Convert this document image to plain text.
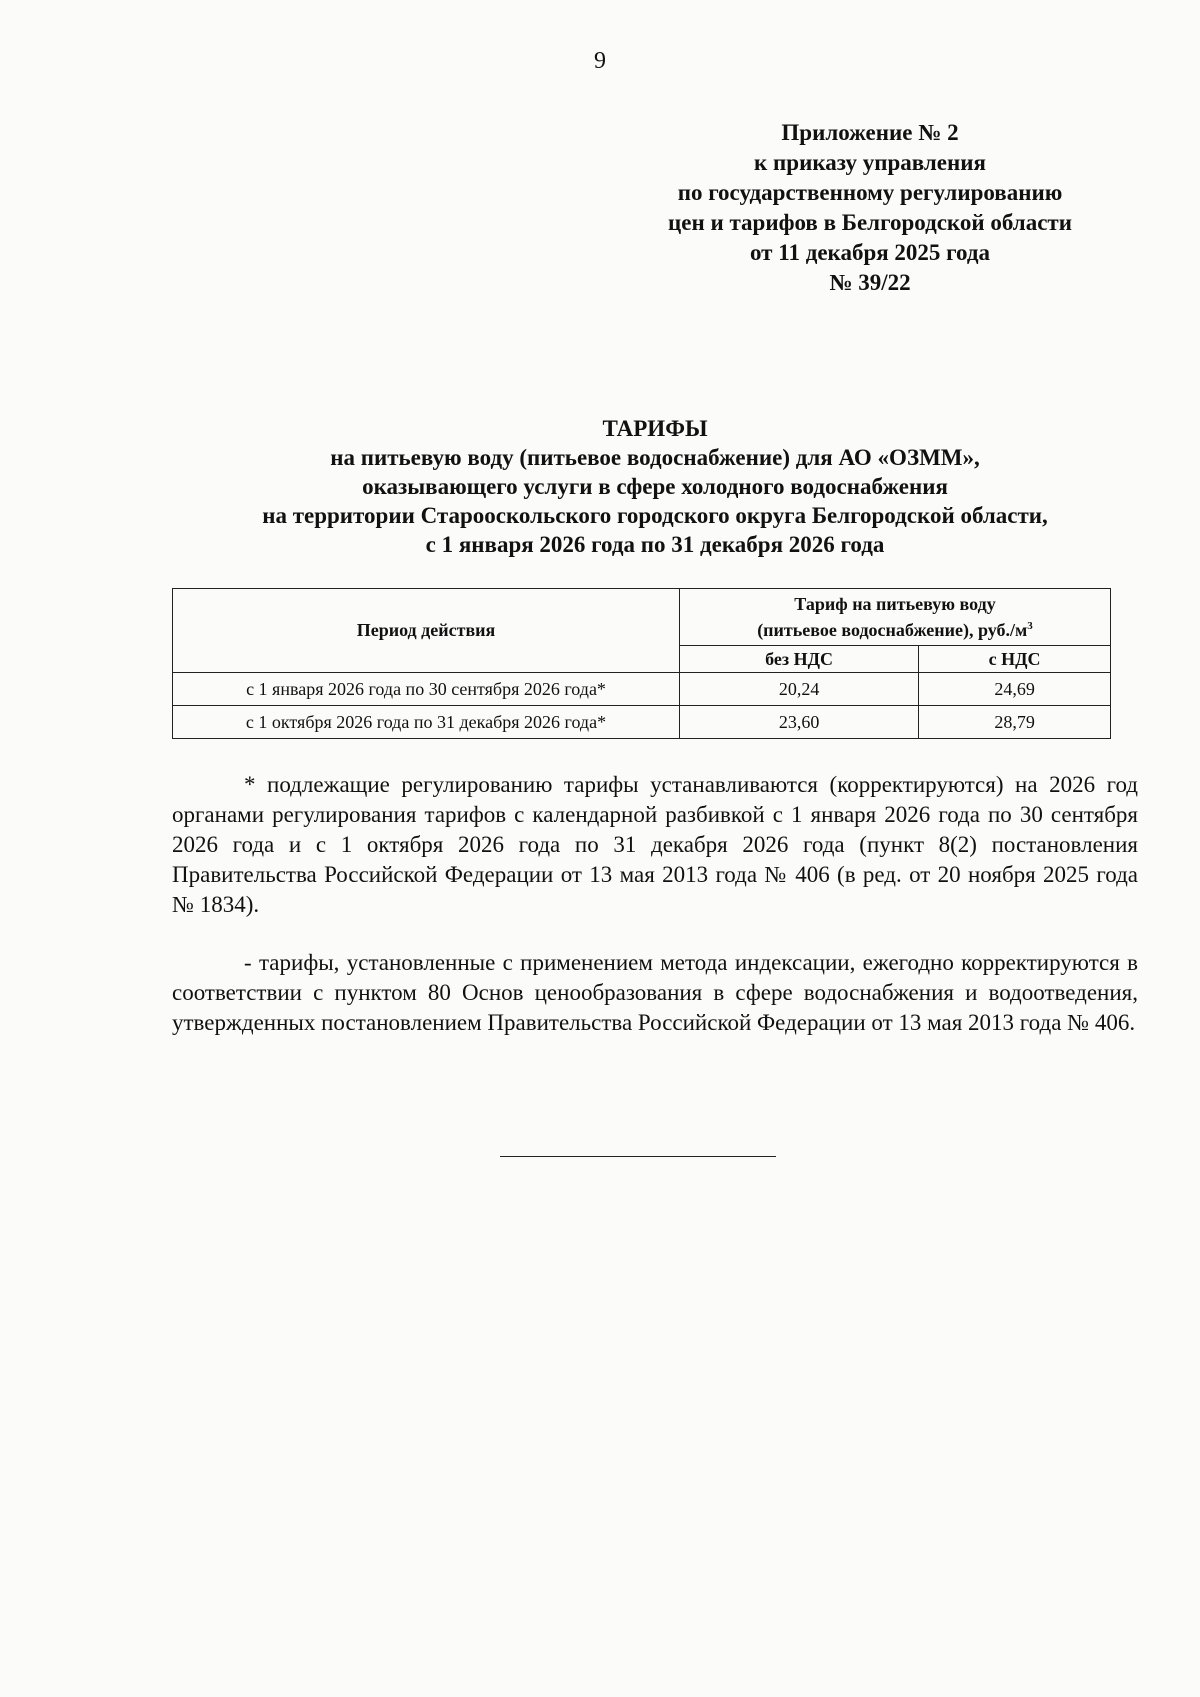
9
Приложение № 2
к приказу управления
по государственному регулированию
цен и тарифов в Белгородской области
от 11 декабря 2025 года
№ 39/22
ТАРИФЫ
на питьевую воду (питьевое водоснабжение) для АО «ОЗММ»,
оказывающего услуги в сфере холодного водоснабжения
на территории Старооскольского городского округа Белгородской области,
с 1 января 2026 года по 31 декабря 2026 года
Период действия	Тариф на питьевую воду
(питьевое водоснабжение), $руб./м^3$
	без НДС	с НДС
с 1 января 2026 года по 30 сентября 2026 года*	20,24	24,69
с 1 октября 2026 года по 31 декабря 2026 года*	23,60	28,79

* подлежащие регулированию тарифы устанавливаются (корректируются) на 2026 год органами регулирования тарифов с календарной разбивкой с 1 января 2026 года по 30 сентября 2026 года и с 1 октября 2026 года по 31 декабря 2026 года (пункт 8(2) постановления Правительства Российской Федерации от 13 мая 2013 года № 406 (в ред. от 20 ноября 2025 года № 1834).

- тарифы, установленные с применением метода индексации, ежегодно корректируются в соответствии с пунктом 80 Основ ценообразования в сфере водоснабжения и водоотведения, утвержденных постановлением Правительства Российской Федерации от 13 мая 2013 года № 406.
